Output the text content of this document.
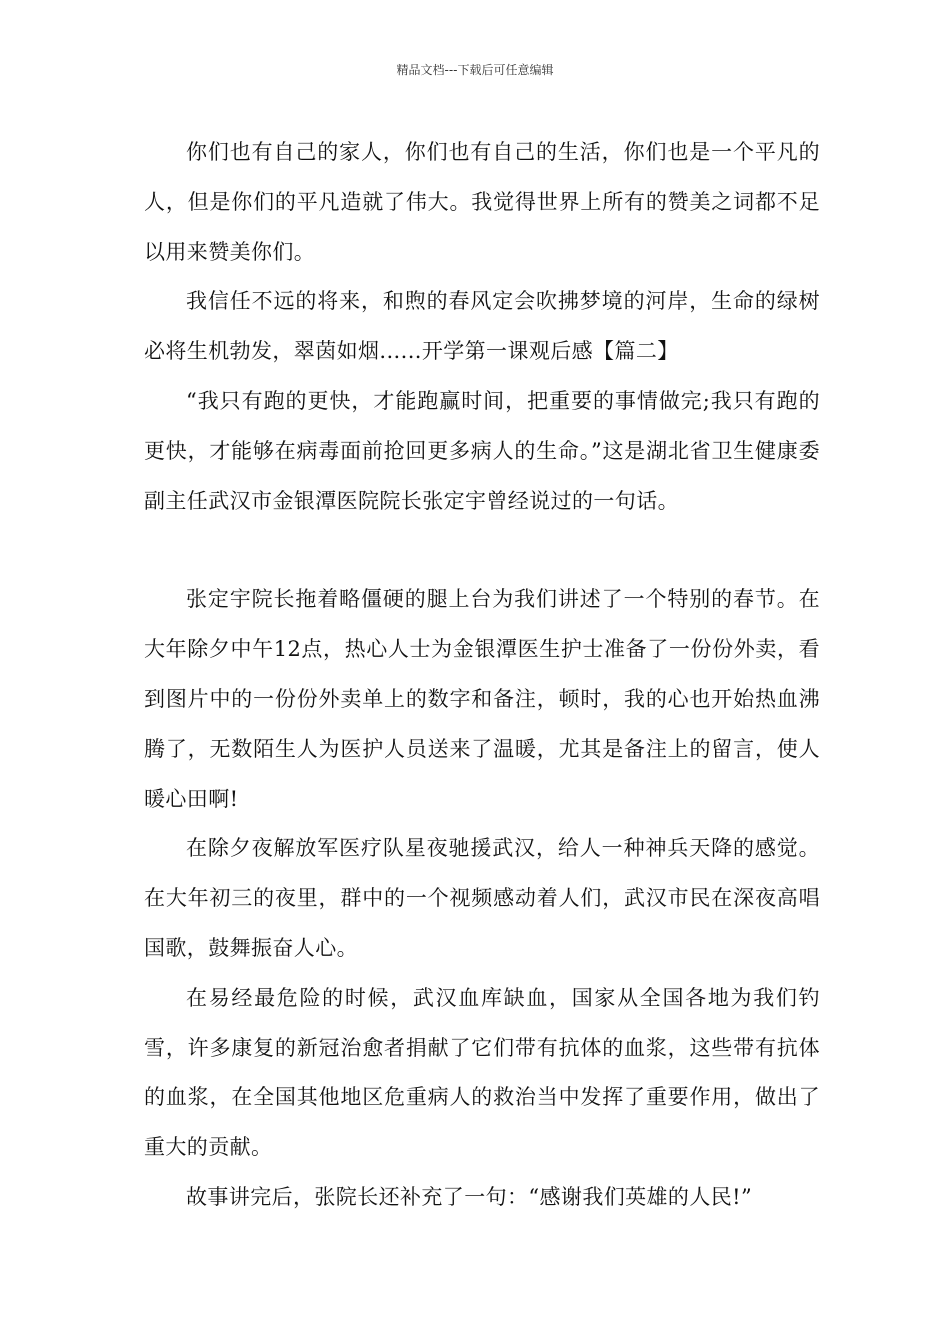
精品文档---下载后可任意编辑

你们也有自己的家人，你们也有自己的生活，你们也是一个平凡的人，但是你们的平凡造就了伟大。我觉得世界上所有的赞美之词都不足以用来赞美你们。

我信任不远的将来，和煦的春风定会吹拂梦境的河岸，生命的绿树必将生机勃发，翠茵如烟......开学第一课观后感【篇二】

“我只有跑的更快，才能跑赢时间，把重要的事情做完;我只有跑的更快，才能够在病毒面前抢回更多病人的生命。”这是湖北省卫生健康委副主任武汉市金银潭医院院长张定宇曾经说过的一句话。

张定宇院长拖着略僵硬的腿上台为我们讲述了一个特别的春节。在大年除夕中午12点，热心人士为金银潭医生护士准备了一份份外卖，看到图片中的一份份外卖单上的数字和备注，顿时，我的心也开始热血沸腾了，无数陌生人为医护人员送来了温暖，尤其是备注上的留言，使人暖心田啊!

在除夕夜解放军医疗队星夜驰援武汉，给人一种神兵天降的感觉。在大年初三的夜里，群中的一个视频感动着人们，武汉市民在深夜高唱国歌，鼓舞振奋人心。

在易经最危险的时候，武汉血库缺血，国家从全国各地为我们钓雪，许多康复的新冠治愈者捐献了它们带有抗体的血浆，这些带有抗体的血浆，在全国其他地区危重病人的救治当中发挥了重要作用，做出了重大的贡献。

故事讲完后，张院长还补充了一句：“感谢我们英雄的人民!”
